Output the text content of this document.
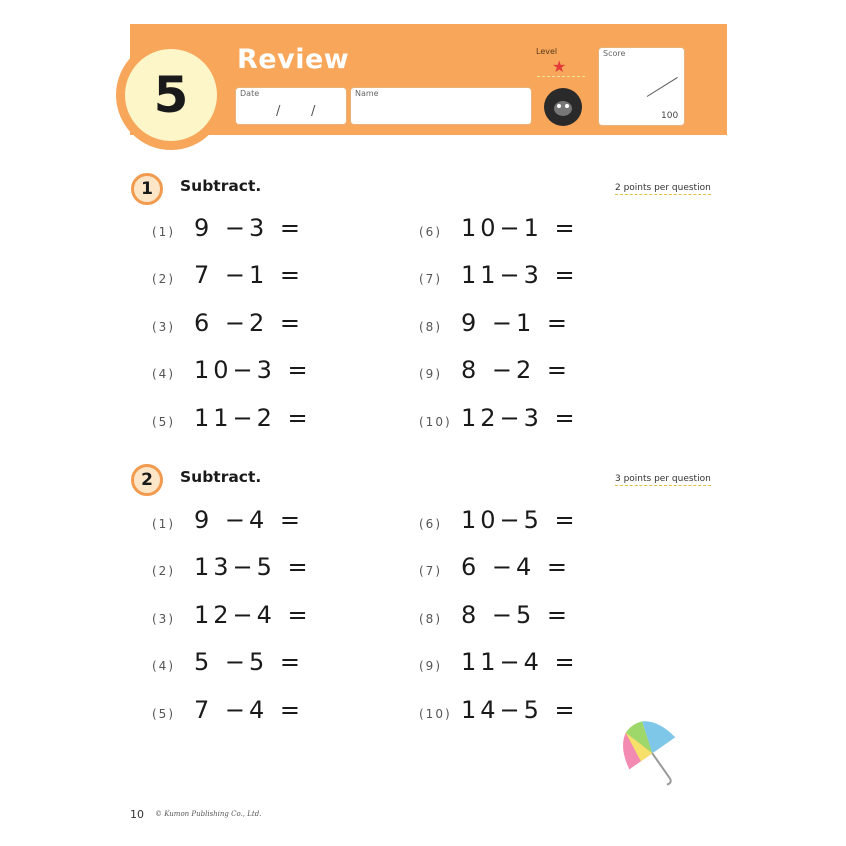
5
Review
Date
/ /
Name
Level
★
Score
100
1	Subtract.	2 points per question
(1) 9 −3 =
(2) 7 −1 =
(3) 6 −2 =
(4) 10−3 =
(5) 11−2 =
(6) 10−1 =
(7) 11−3 =
(8) 9 −1 =
(9) 8 −2 =
(10) 12−3 =
2	Subtract.	3 points per question
(1) 9 −4 =
(2) 13−5 =
(3) 12−4 =
(4) 5 −5 =
(5) 7 −4 =
(6) 10−5 =
(7) 6 −4 =
(8) 8 −5 =
(9) 11−4 =
(10) 14−5 =
10 © Kumon Publishing Co., Ltd.
